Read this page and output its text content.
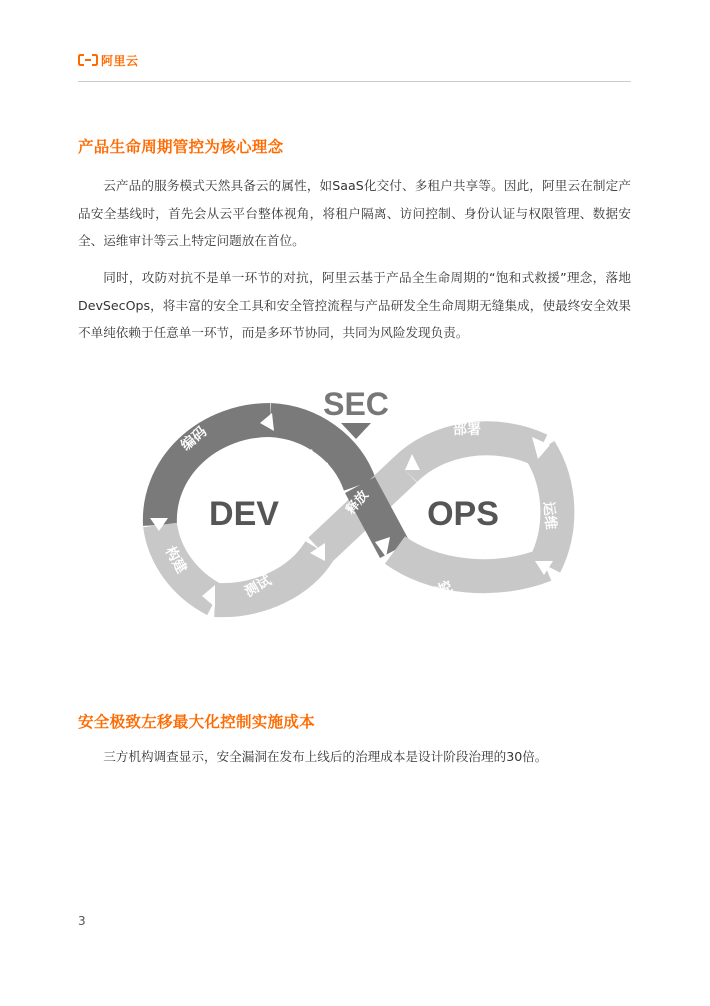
阿里云
产品生命周期管控为核心理念

云产品的服务模式天然具备云的属性，如SaaS化交付、多租户共享等。因此，阿里云在制定产品安全基线时，首先会从云平台整体视角，将租户隔离、访问控制、身份认证与权限管理、数据安全、运维审计等云上特定问题放在首位。

同时，攻防对抗不是单一环节的对抗，阿里云基于产品全生命周期的“饱和式救援”理念，落地DevSecOps，将丰富的安全工具和安全管控流程与产品研发全生命周期无缝集成，使最终安全效果不单纯依赖于任意单一环节，而是多环节协同，共同为风险发现负责。

SEC
DEV	OPS
编码
立项
构建
测试
释放
部署
运维
监控
安全极致左移最大化控制实施成本

三方机构调查显示，安全漏洞在发布上线后的治理成本是设计阶段治理的30倍。

3
